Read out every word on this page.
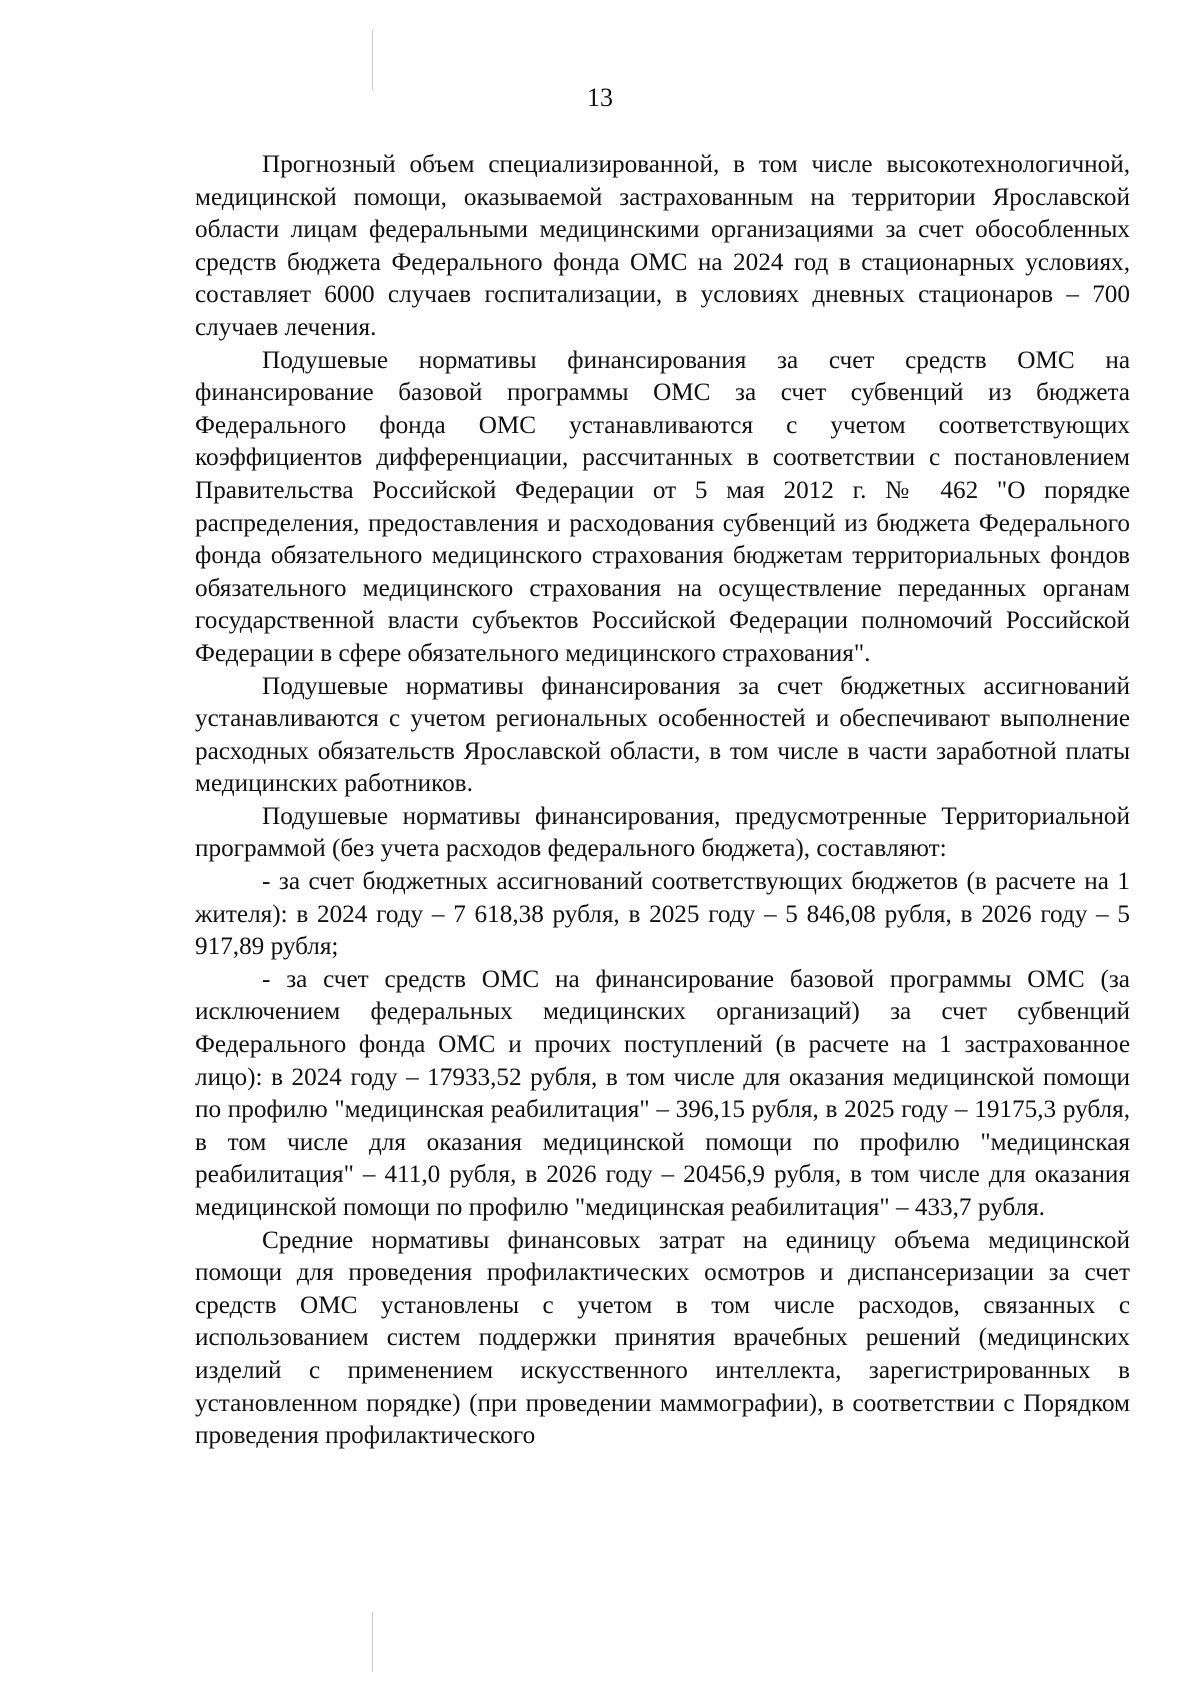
13

Прогнозный объем специализированной, в том числе высокотехнологичной, медицинской помощи, оказываемой застрахованным на территории Ярославской области лицам федеральными медицинскими организациями за счет обособленных средств бюджета Федерального фонда ОМС на 2024 год в стационарных условиях, составляет 6000 случаев госпитализации, в условиях дневных стационаров – 700 случаев лечения.

Подушевые нормативы финансирования за счет средств ОМС на финансирование базовой программы ОМС за счет субвенций из бюджета Федерального фонда ОМС устанавливаются с учетом соответствующих коэффициентов дифференциации, рассчитанных в соответствии с постановлением Правительства Российской Федерации от 5 мая 2012 г. № 462 "О порядке распределения, предоставления и расходования субвенций из бюджета Федерального фонда обязательного медицинского страхования бюджетам территориальных фондов обязательного медицинского страхования на осуществление переданных органам государственной власти субъектов Российской Федерации полномочий Российской Федерации в сфере обязательного медицинского страхования".

Подушевые нормативы финансирования за счет бюджетных ассигнований устанавливаются с учетом региональных особенностей и обеспечивают выполнение расходных обязательств Ярославской области, в том числе в части заработной платы медицинских работников.

Подушевые нормативы финансирования, предусмотренные Территориальной программой (без учета расходов федерального бюджета), составляют:

- за счет бюджетных ассигнований соответствующих бюджетов (в расчете на 1 жителя): в 2024 году – 7 618,38 рубля, в 2025 году – 5 846,08 рубля, в 2026 году – 5 917,89 рубля;

- за счет средств ОМС на финансирование базовой программы ОМС (за исключением федеральных медицинских организаций) за счет субвенций Федерального фонда ОМС и прочих поступлений (в расчете на 1 застрахованное лицо): в 2024 году – 17933,52 рубля, в том числе для оказания медицинской помощи по профилю "медицинская реабилитация" – 396,15 рубля, в 2025 году – 19175,3 рубля, в том числе для оказания медицинской помощи по профилю "медицинская реабилитация" – 411,0 рубля, в 2026 году – 20456,9 рубля, в том числе для оказания медицинской помощи по профилю "медицинская реабилитация" – 433,7 рубля.

Средние нормативы финансовых затрат на единицу объема медицинской помощи для проведения профилактических осмотров и диспансеризации за счет средств ОМС установлены с учетом в том числе расходов, связанных с использованием систем поддержки принятия врачебных решений (медицинских изделий с применением искусственного интеллекта, зарегистрированных в установленном порядке) (при проведении маммографии), в соответствии с Порядком проведения профилактического
